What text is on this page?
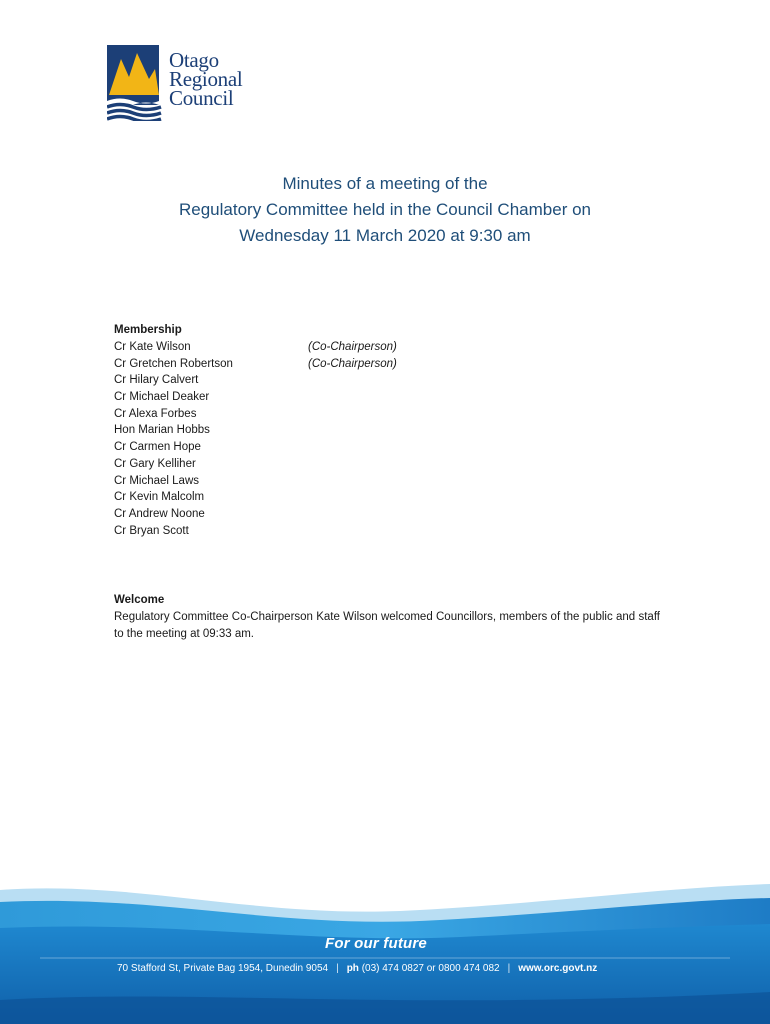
Otago
Regional
Council
Minutes of a meeting of the
Regulatory Committee held in the Council Chamber on
Wednesday 11 March 2020 at 9:30 am
Membership
Cr Kate Wilson	(Co-Chairperson)
Cr Gretchen Robertson	(Co-Chairperson)
Cr Hilary Calvert
Cr Michael Deaker
Cr Alexa Forbes
Hon Marian Hobbs
Cr Carmen Hope
Cr Gary Kelliher
Cr Michael Laws
Cr Kevin Malcolm
Cr Andrew Noone
Cr Bryan Scott
Welcome

Regulatory Committee Co-Chairperson Kate Wilson welcomed Councillors, members of the public and staff to the meeting at 09:33 am.

For our future
70 Stafford St, Private Bag 1954, Dunedin 9054 | ph (03) 474 0827 or 0800 474 082 | www.orc.govt.nz
